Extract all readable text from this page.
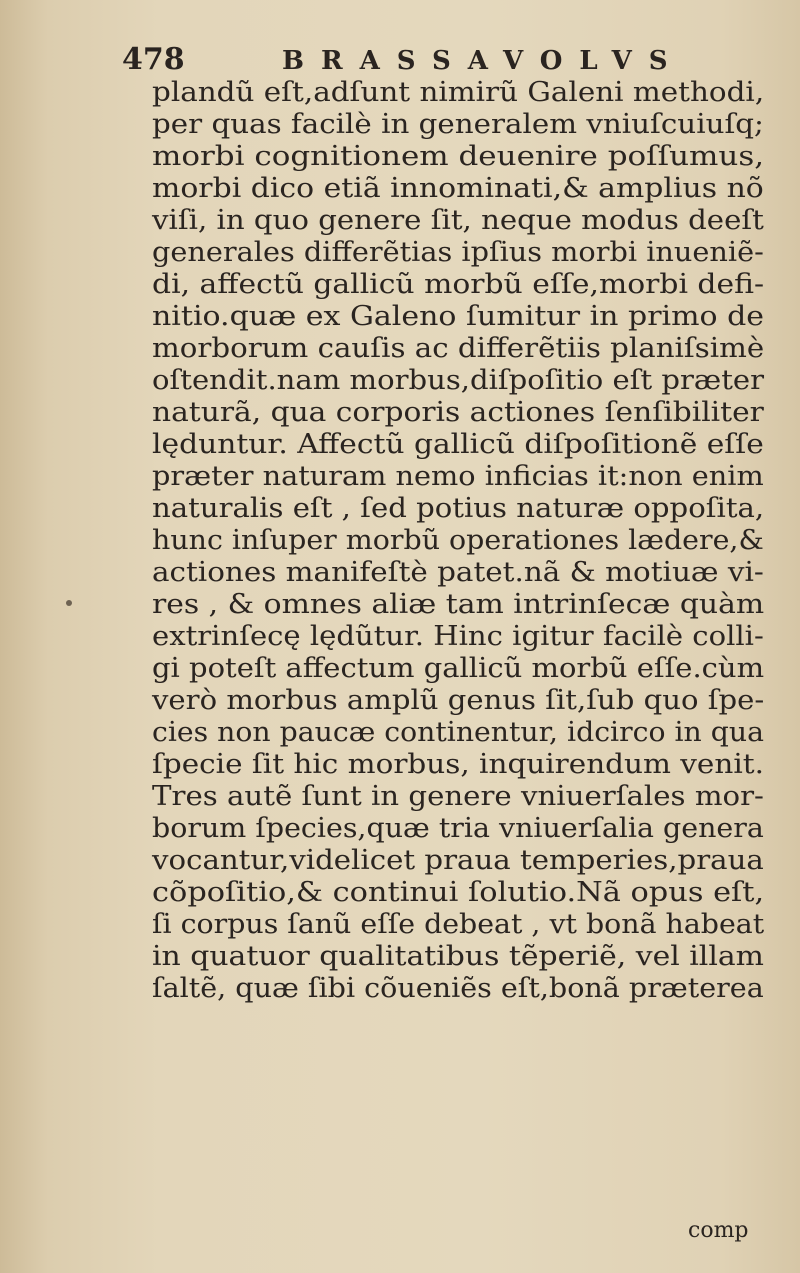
478	BRASSAVOLVS
plandũ eſt,adſunt nimirũ Galeni methodi,
per quas facilè in generalem vniuſcuiuſq;
morbi cognitionem deuenire poſſumus,
morbi dico etiã innominati,& amplius nõ
viſi, in quo genere ſit, neque modus deeſt
generales differẽtias ipſius morbi inueniẽ-
di, affectũ gallicũ morbũ eſſe,morbi defi-
nitio.quæ ex Galeno ſumitur in primo de
morborum cauſis ac differẽtiis planiſsimè
oſtendit.nam morbus,diſpoſitio eſt præter
naturã, qua corporis actiones ſenſibiliter
lęduntur. Affectũ gallicũ diſpoſitionẽ eſſe
præter naturam nemo inficias it:non enim
naturalis eſt , ſed potius naturæ oppoſita,
hunc inſuper morbũ operationes lædere,&
actiones manifeſtè patet.nã & motiuæ vi-
res , & omnes aliæ tam intrinſecæ quàm
extrinſecę lędũtur. Hinc igitur facilè colli-
gi poteſt affectum gallicũ morbũ eſſe.cùm
verò morbus amplũ genus ſit,ſub quo ſpe-
cies non paucæ continentur, idcirco in qua
ſpecie ſit hic morbus, inquirendum venit.
Tres autẽ ſunt in genere vniuerſales mor-
borum ſpecies,quæ tria vniuerſalia genera
vocantur,videlicet praua temperies,praua
cõpoſitio,& continui ſolutio.Nã opus eſt,
ſi corpus ſanũ eſſe debeat , vt bonã habeat
in quatuor qualitatibus tẽperiẽ, vel illam
ſaltẽ, quæ ſibi cõueniẽs eſt,bonã præterea
comp
